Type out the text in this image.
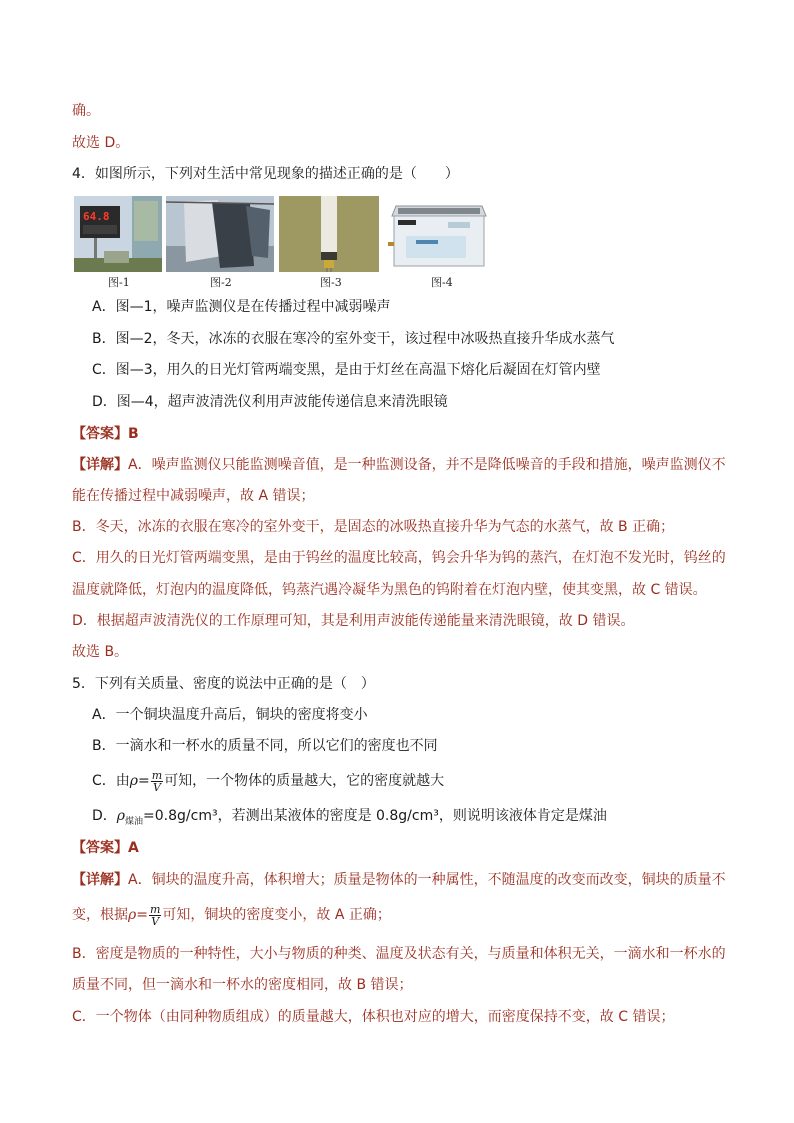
确。
故选 D。
4．如图所示，下列对生活中常见现象的描述正确的是（　　）
64.8
图-1	图-2	图-3	图-4
A．图—1，噪声监测仪是在传播过程中减弱噪声
B．图—2，冬天，冰冻的衣服在寒冷的室外变干，该过程中冰吸热直接升华成水蒸气
C．图—3，用久的日光灯管两端变黑，是由于灯丝在高温下熔化后凝固在灯管内壁
D．图—4，超声波清洗仪利用声波能传递信息来清洗眼镜
【答案】B
【详解】A．噪声监测仪只能监测噪音值，是一种监测设备，并不是降低噪音的手段和措施，噪声监测仪不
能在传播过程中减弱噪声，故 A 错误；
B．冬天，冰冻的衣服在寒冷的室外变干，是固态的冰吸热直接升华为气态的水蒸气，故 B 正确；
C．用久的日光灯管两端变黑，是由于钨丝的温度比较高，钨会升华为钨的蒸汽，在灯泡不发光时，钨丝的
温度就降低，灯泡内的温度降低，钨蒸汽遇冷凝华为黑色的钨附着在灯泡内壁，使其变黑，故 C 错误。
D．根据超声波清洗仪的工作原理可知，其是利用声波能传递能量来清洗眼镜，故 D 错误。
故选 B。
5．下列有关质量、密度的说法中正确的是（　）
A．一个铜块温度升高后，铜块的密度将变小
B．一滴水和一杯水的质量不同，所以它们的密度也不同
C．由$\rho= \frac{m}{V}$ 可知，一个物体的质量越大，它的密度就越大
D．$\rho_{煤油}=0.8g$/cm³，若测出某液体的密度是 0.8g/cm³，则说明该液体肯定是煤油
【答案】A
【详解】A．铜块的温度升高，体积增大；质量是物体的一种属性，不随温度的改变而改变，铜块的质量不
变，根据$\rho= \frac{m}{V}$ 可知，铜块的密度变小，故 A 正确；
B．密度是物质的一种特性，大小与物质的种类、温度及状态有关，与质量和体积无关，一滴水和一杯水的
质量不同，但一滴水和一杯水的密度相同，故 B 错误；
C．一个物体（由同种物质组成）的质量越大，体积也对应的增大，而密度保持不变，故 C 错误；
